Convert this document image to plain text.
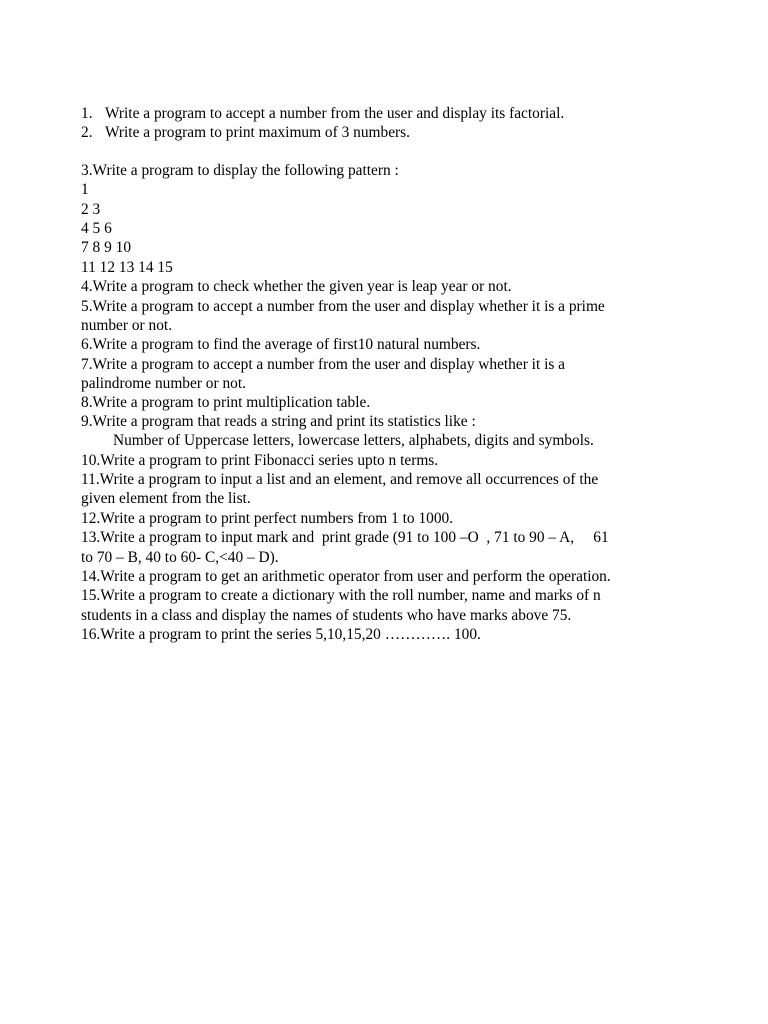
1. Write a program to accept a number from the user and display its factorial.
2. Write a program to print maximum of 3 numbers.
3.Write a program to display the following pattern :
1
2 3
4 5 6
7 8 9 10
11 12 13 14 15
4.Write a program to check whether the given year is leap year or not.
5.Write a program to accept a number from the user and display whether it is a prime
number or not.
6.Write a program to find the average of first10 natural numbers.
7.Write a program to accept a number from the user and display whether it is a
palindrome number or not.
8.Write a program to print multiplication table.
9.Write a program that reads a string and print its statistics like :
Number of Uppercase letters, lowercase letters, alphabets, digits and symbols.
10.Write a program to print Fibonacci series upto n terms.
11.Write a program to input a list and an element, and remove all occurrences of the
given element from the list.
12.Write a program to print perfect numbers from 1 to 1000.
13.Write a program to input mark and  print grade (91 to 100 –O  , 71 to 90 – A,     61
to 70 – B, 40 to 60- C,<40 – D).
14.Write a program to get an arithmetic operator from user and perform the operation.
15.Write a program to create a dictionary with the roll number, name and marks of n
students in a class and display the names of students who have marks above 75.
16.Write a program to print the series 5,10,15,20 …………. 100.
